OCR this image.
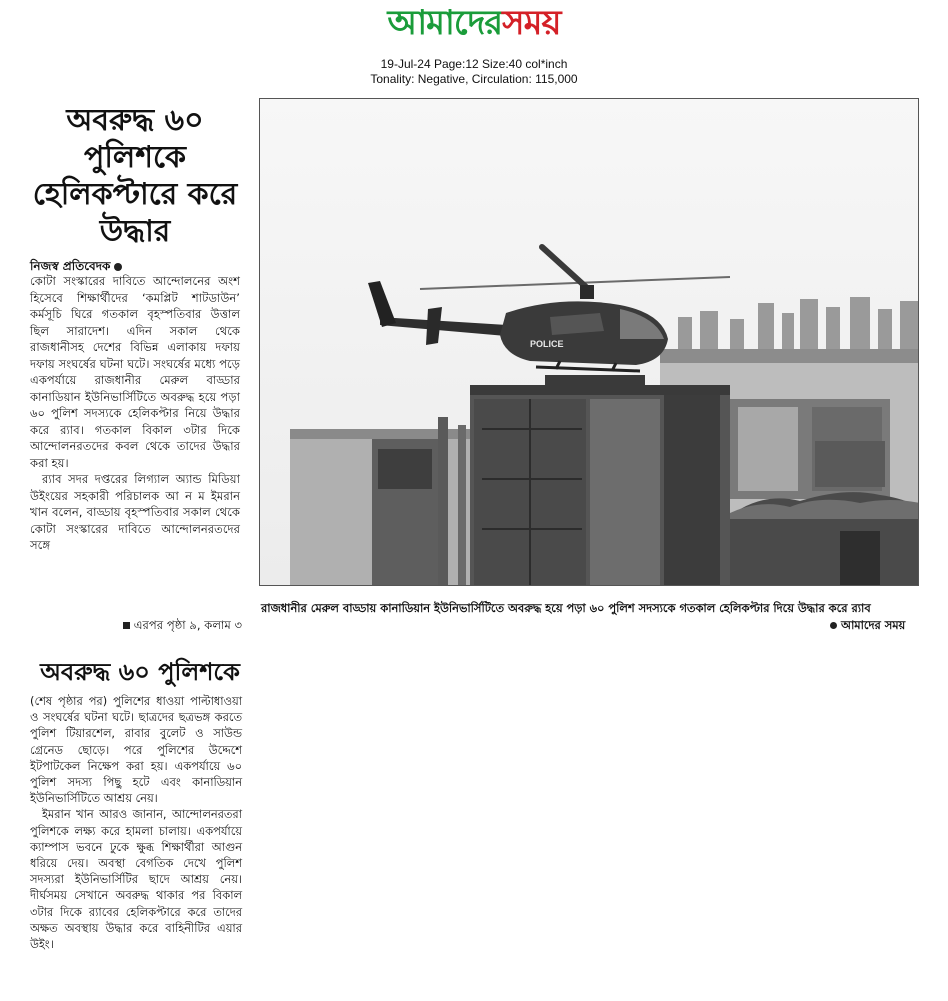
আমাদেরসময়
19-Jul-24 Page:12 Size:40 col*inch
Tonality: Negative, Circulation: 115,000
অবরুদ্ধ ৬০ পুলিশকে হেলিকপ্টারে করে উদ্ধার
নিজস্ব প্রতিবেদক

কোটা সংস্কারের দাবিতে আন্দোলনের অংশ হিসেবে শিক্ষার্থীদের ‘কমপ্লিট শাটডাউন’ কর্মসূচি ঘিরে গতকাল বৃহস্পতিবার উত্তাল ছিল সারাদেশ। এদিন সকাল থেকে রাজধানীসহ দেশের বিভিন্ন এলাকায় দফায় দফায় সংঘর্ষের ঘটনা ঘটে। সংঘর্ষের মধ্যে পড়ে একপর্যায়ে রাজধানীর মেরুল বাড্ডার কানাডিয়ান ইউনিভার্সিটিতে অবরুদ্ধ হয়ে পড়া ৬০ পুলিশ সদস্যকে হেলিকপ্টার নিয়ে উদ্ধার করে র‌্যাব। গতকাল বিকাল ৩টার দিকে আন্দোলনরতদের কবল থেকে তাদের উদ্ধার করা হয়।

র‌্যাব সদর দপ্তরের লিগ্যাল অ্যান্ড মিডিয়া উইংয়ের সহকারী পরিচালক আ ন ম ইমরান খান বলেন, বাড্ডায় বৃহস্পতিবার সকাল থেকে কোটা সংস্কারের দাবিতে আন্দোলনরতদের সঙ্গে

এরপর পৃষ্ঠা ৯, কলাম ৩
অবরুদ্ধ ৬০ পুলিশকে

(শেষ পৃষ্ঠার পর) পুলিশের ধাওয়া পাল্টাধাওয়া ও সংঘর্ষের ঘটনা ঘটে। ছাত্রদের ছত্রভঙ্গ করতে পুলিশ টিয়ারশেল, রাবার বুলেট ও সাউন্ড গ্রেনেড ছোড়ে। পরে পুলিশের উদ্দেশে ইটপাটকেল নিক্ষেপ করা হয়। একপর্যায়ে ৬০ পুলিশ সদস্য পিছু হটে এবং কানাডিয়ান ইউনিভার্সিটিতে আশ্রয় নেয়।

ইমরান খান আরও জানান, আন্দোলনরতরা পুলিশকে লক্ষ্য করে হামলা চালায়। একপর্যায়ে ক্যাম্পাস ভবনে ঢুকে ক্ষুব্ধ শিক্ষার্থীরা আগুন ধরিয়ে দেয়। অবস্থা বেগতিক দেখে পুলিশ সদস্যরা ইউনিভার্সিটির ছাদে আশ্রয় নেয়। দীর্ঘসময় সেখানে অবরুদ্ধ থাকার পর বিকাল ৩টার দিকে র‌্যাবের হেলিকপ্টারে করে তাদের অক্ষত অবস্থায় উদ্ধার করে বাহিনীটির এয়ার উইং।

POLICE
রাজধানীর মেরুল বাড্ডায় কানাডিয়ান ইউনিভার্সিটিতে অবরুদ্ধ হয়ে পড়া ৬০ পুলিশ সদস্যকে গতকাল হেলিকপ্টার দিয়ে উদ্ধার করে র‌্যাব
আমাদের সময়
